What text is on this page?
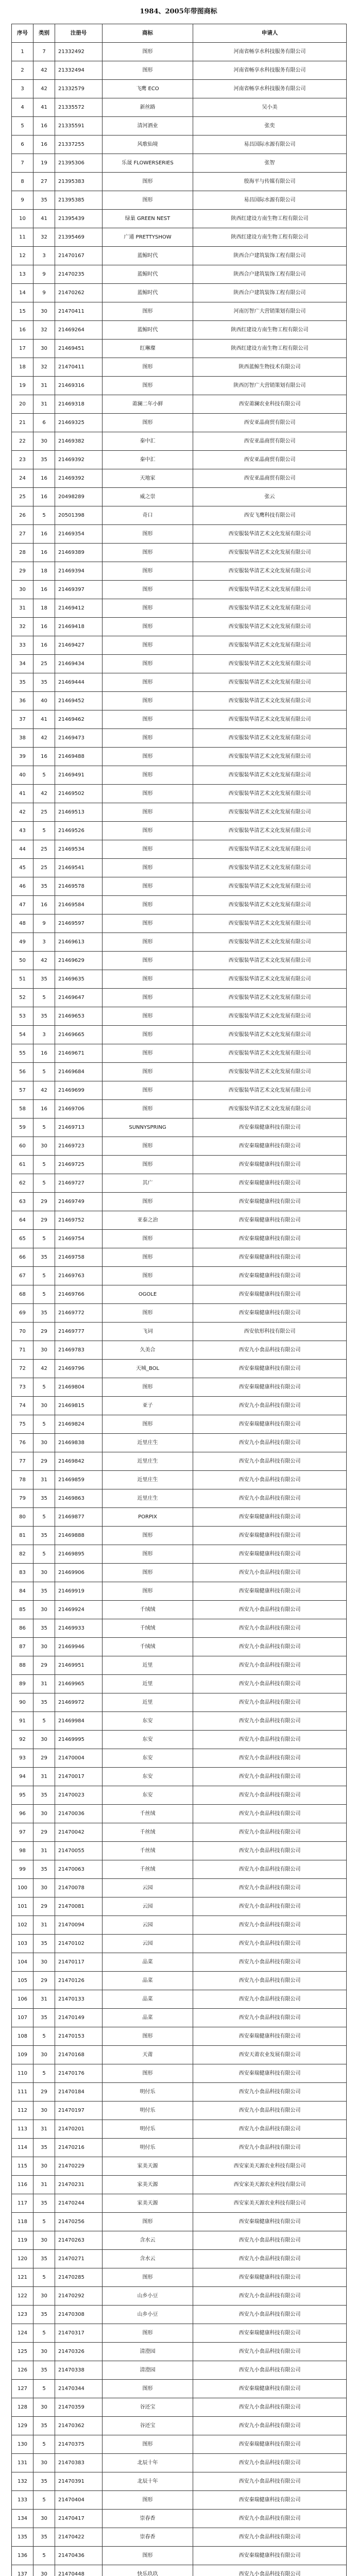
1984、2005年带图商标
序号	类别	注册号	商标	申请人
1	7	21332492	图形	河南省畅享水科技服务有限公司
2	42	21332494	图形	河南省畅享水科技服务有限公司
3	42	21332579	飞鹰 ECO	河南省畅享水科技服务有限公司
4	41	21335572	新丝路	吴小美
5	16	21335591	清河酒业	张奕
6	16	21337255	风歌仙境	易昌国际水源有限公司
7	19	21395306	乐晟 FLOWERSERIES	张智
8	27	21395383	图形	殷海平与传媒有限公司
9	35	21395385	图形	易昌国际水源有限公司
10	41	21395439	绿巢 GREEN NEST	陕西红建设方南生物工程有限公司
11	32	21395469	广通 PRETTYSHOW	陕西红建设方南生物工程有限公司
12	3	21470167	蓝鲸时代	陕西合户建筑装饰工程有限公司
13	9	21470235	蓝鲸时代	陕西合户建筑装饰工程有限公司
14	9	21470262	蓝鲸时代	陕西合户建筑装饰工程有限公司
15	30	21470411	图形	河南厉智广大营销策划有限公司
16	32	21469264	蓝鲸时代	陕西红建设方南生物工程有限公司
17	30	21469451	红琳璨	陕西红建设方南生物工程有限公司
18	32	21470411	图形	陕西蓝鲸生物技术有限公司
19	31	21469316	图形	陕西厉智广大营销策划有限公司
20	31	21469318	莆澜二年小鲜	西安莆澜农业科技有限公司
21	6	21469325	图形	西安亚晶商贸有限公司
22	30	21469382	秦中汇	西安亚晶商贸有限公司
23	35	21469392	秦中汇	西安亚晶商贸有限公司
24	16	21469392	天地家	西安亚晶商贸有限公司
25	16	20498289	威之崇	张云
26	5	20501398	奇口	西安飞鹰科技有限公司
27	16	21469354	图形	西安服装华清艺术文化发展有限公司
28	16	21469389	图形	西安服装华清艺术文化发展有限公司
29	18	21469394	图形	西安服装华清艺术文化发展有限公司
30	16	21469397	图形	西安服装华清艺术文化发展有限公司
31	18	21469412	图形	西安服装华清艺术文化发展有限公司
32	16	21469418	图形	西安服装华清艺术文化发展有限公司
33	16	21469427	图形	西安服装华清艺术文化发展有限公司
34	25	21469434	图形	西安服装华清艺术文化发展有限公司
35	35	21469444	图形	西安服装华清艺术文化发展有限公司
36	40	21469452	图形	西安服装华清艺术文化发展有限公司
37	41	21469462	图形	西安服装华清艺术文化发展有限公司
38	42	21469473	图形	西安服装华清艺术文化发展有限公司
39	16	21469488	图形	西安服装华清艺术文化发展有限公司
40	5	21469491	图形	西安服装华清艺术文化发展有限公司
41	42	21469502	图形	西安服装华清艺术文化发展有限公司
42	25	21469513	图形	西安服装华清艺术文化发展有限公司
43	5	21469526	图形	西安服装华清艺术文化发展有限公司
44	25	21469534	图形	西安服装华清艺术文化发展有限公司
45	25	21469541	图形	西安服装华清艺术文化发展有限公司
46	35	21469578	图形	西安服装华清艺术文化发展有限公司
47	16	21469584	图形	西安服装华清艺术文化发展有限公司
48	9	21469597	图形	西安服装华清艺术文化发展有限公司
49	3	21469613	图形	西安服装华清艺术文化发展有限公司
50	42	21469629	图形	西安服装华清艺术文化发展有限公司
51	35	21469635	图形	西安服装华清艺术文化发展有限公司
52	5	21469647	图形	西安服装华清艺术文化发展有限公司
53	35	21469653	图形	西安服装华清艺术文化发展有限公司
54	3	21469665	图形	西安服装华清艺术文化发展有限公司
55	16	21469671	图形	西安服装华清艺术文化发展有限公司
56	5	21469684	图形	西安服装华清艺术文化发展有限公司
57	42	21469699	图形	西安服装华清艺术文化发展有限公司
58	16	21469706	图形	西安服装华清艺术文化发展有限公司
59	5	21469713	SUNNYSPRING	西安秦瑞健康科技有限公司
60	30	21469723	图形	西安秦瑞健康科技有限公司
61	5	21469725	图形	西安秦瑞健康科技有限公司
62	5	21469727	其广	西安秦瑞健康科技有限公司
63	29	21469749	图形	西安秦瑞健康科技有限公司
64	29	21469752	亚泰之治	西安秦瑞健康科技有限公司
65	5	21469754	图形	西安秦瑞健康科技有限公司
66	35	21469758	图形	西安秦瑞健康科技有限公司
67	5	21469763	图形	西安秦瑞健康科技有限公司
68	5	21469766	OGOLE	西安秦瑞健康科技有限公司
69	35	21469772	图形	西安秦瑞健康科技有限公司
70	29	21469777	飞词	西安依形科技有限公司
71	30	21469783	久美合	西安九小食品科技有限公司
72	42	21469796	天城_BOL	西安秦瑞健康科技有限公司
73	5	21469804	图形	西安秦瑞健康科技有限公司
74	30	21469815	亚子	西安九小食品科技有限公司
75	5	21469824	图形	西安秦瑞健康科技有限公司
76	30	21469838	近里庄生	西安九小食品科技有限公司
77	29	21469842	近里庄生	西安九小食品科技有限公司
78	31	21469859	近里庄生	西安九小食品科技有限公司
79	35	21469863	近里庄生	西安九小食品科技有限公司
80	5	21469877	PORPIX	西安秦瑞健康科技有限公司
81	35	21469888	图形	西安秦瑞健康科技有限公司
82	5	21469895	图形	西安秦瑞健康科技有限公司
83	30	21469906	图形	西安九小食品科技有限公司
84	35	21469919	图形	西安秦瑞健康科技有限公司
85	30	21469924	千绒绒	西安九小食品科技有限公司
86	35	21469933	千绒绒	西安九小食品科技有限公司
87	30	21469946	千绒绒	西安九小食品科技有限公司
88	29	21469951	近里	西安九小食品科技有限公司
89	31	21469965	近里	西安九小食品科技有限公司
90	35	21469972	近里	西安九小食品科技有限公司
91	5	21469984	东安	西安九小食品科技有限公司
92	30	21469995	东安	西安九小食品科技有限公司
93	29	21470004	东安	西安九小食品科技有限公司
94	31	21470017	东安	西安九小食品科技有限公司
95	35	21470023	东安	西安九小食品科技有限公司
96	30	21470036	千丝绒	西安九小食品科技有限公司
97	29	21470042	千丝绒	西安九小食品科技有限公司
98	31	21470055	千丝绒	西安九小食品科技有限公司
99	35	21470063	千丝绒	西安九小食品科技有限公司
100	30	21470078	云园	西安九小食品科技有限公司
101	29	21470081	云园	西安九小食品科技有限公司
102	31	21470094	云园	西安九小食品科技有限公司
103	35	21470102	云园	西安九小食品科技有限公司
104	30	21470117	品菜	西安九小食品科技有限公司
105	29	21470126	品菜	西安九小食品科技有限公司
106	31	21470133	品菜	西安九小食品科技有限公司
107	35	21470149	品菜	西安九小食品科技有限公司
108	5	21470153	图形	西安秦瑞健康科技有限公司
109	30	21470168	天莆	西安天莆农业发展有限公司
110	5	21470176	图形	西安秦瑞健康科技有限公司
111	29	21470184	明付乐	西安九小食品科技有限公司
112	30	21470197	明付乐	西安九小食品科技有限公司
113	31	21470201	明付乐	西安九小食品科技有限公司
114	35	21470216	明付乐	西安九小食品科技有限公司
115	30	21470229	家美天源	西安家美天源农业科技有限公司
116	31	21470231	家美天源	西安家美天源农业科技有限公司
117	35	21470244	家美天源	西安家美天源农业科技有限公司
118	5	21470256	图形	西安秦瑞健康科技有限公司
119	30	21470263	含水云	西安九小食品科技有限公司
120	35	21470271	含水云	西安九小食品科技有限公司
121	5	21470285	图形	西安秦瑞健康科技有限公司
122	30	21470292	山乡小豆	西安九小食品科技有限公司
123	35	21470308	山乡小豆	西安九小食品科技有限公司
124	5	21470317	图形	西安秦瑞健康科技有限公司
125	30	21470326	清澄园	西安九小食品科技有限公司
126	35	21470338	清澄园	西安九小食品科技有限公司
127	5	21470344	图形	西安秦瑞健康科技有限公司
128	30	21470359	谷还宝	西安九小食品科技有限公司
129	35	21470362	谷还宝	西安九小食品科技有限公司
130	5	21470375	图形	西安秦瑞健康科技有限公司
131	30	21470383	北辰十年	西安九小食品科技有限公司
132	35	21470391	北辰十年	西安九小食品科技有限公司
133	5	21470404	图形	西安秦瑞健康科技有限公司
134	30	21470417	崇春香	西安九小食品科技有限公司
135	35	21470422	崇春香	西安九小食品科技有限公司
136	5	21470436	图形	西安秦瑞健康科技有限公司
137	30	21470448	快乐玖玖	西安九小食品科技有限公司
